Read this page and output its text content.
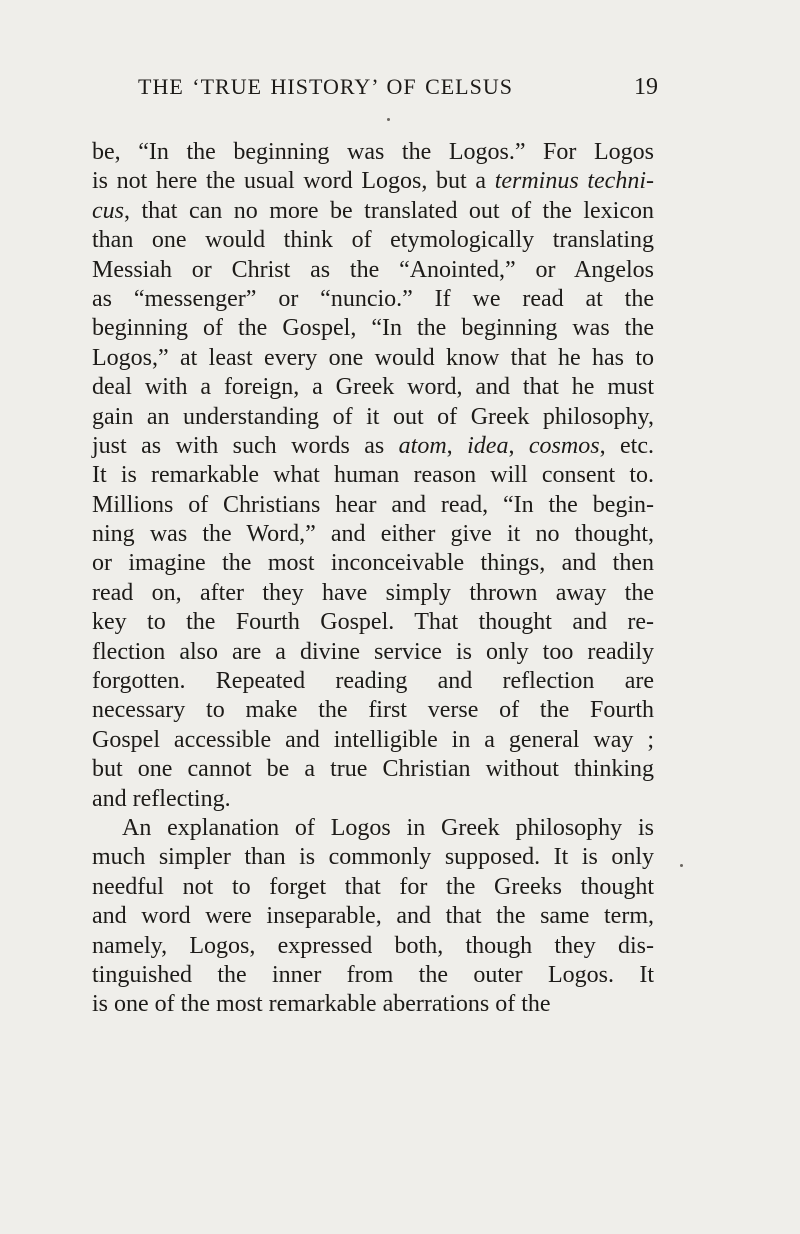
THE ‘TRUE HISTORY’ OF CELSUS	19
be, “In the beginning was the Logos.” For Logos
is not here the usual word Logos, but a terminus techni-
cus, that can no more be translated out of the lexicon
than one would think of etymologically translating
Messiah or Christ as the “Anointed,” or Angelos
as “messenger” or “nuncio.” If we read at the
beginning of the Gospel, “In the beginning was the
Logos,” at least every one would know that he has to
deal with a foreign, a Greek word, and that he must
gain an understanding of it out of Greek philosophy,
just as with such words as atom, idea, cosmos, etc.
It is remarkable what human reason will consent to.
Millions of Christians hear and read, “In the begin-
ning was the Word,” and either give it no thought,
or imagine the most inconceivable things, and then
read on, after they have simply thrown away the
key to the Fourth Gospel. That thought and re-
flection also are a divine service is only too readily
forgotten. Repeated reading and reflection are
necessary to make the first verse of the Fourth
Gospel accessible and intelligible in a general way ;
but one cannot be a true Christian without thinking
and reflecting.
An explanation of Logos in Greek philosophy is
much simpler than is commonly supposed. It is only
needful not to forget that for the Greeks thought
and word were inseparable, and that the same term,
namely, Logos, expressed both, though they dis-
tinguished the inner from the outer Logos. It
is one of the most remarkable aberrations of the
